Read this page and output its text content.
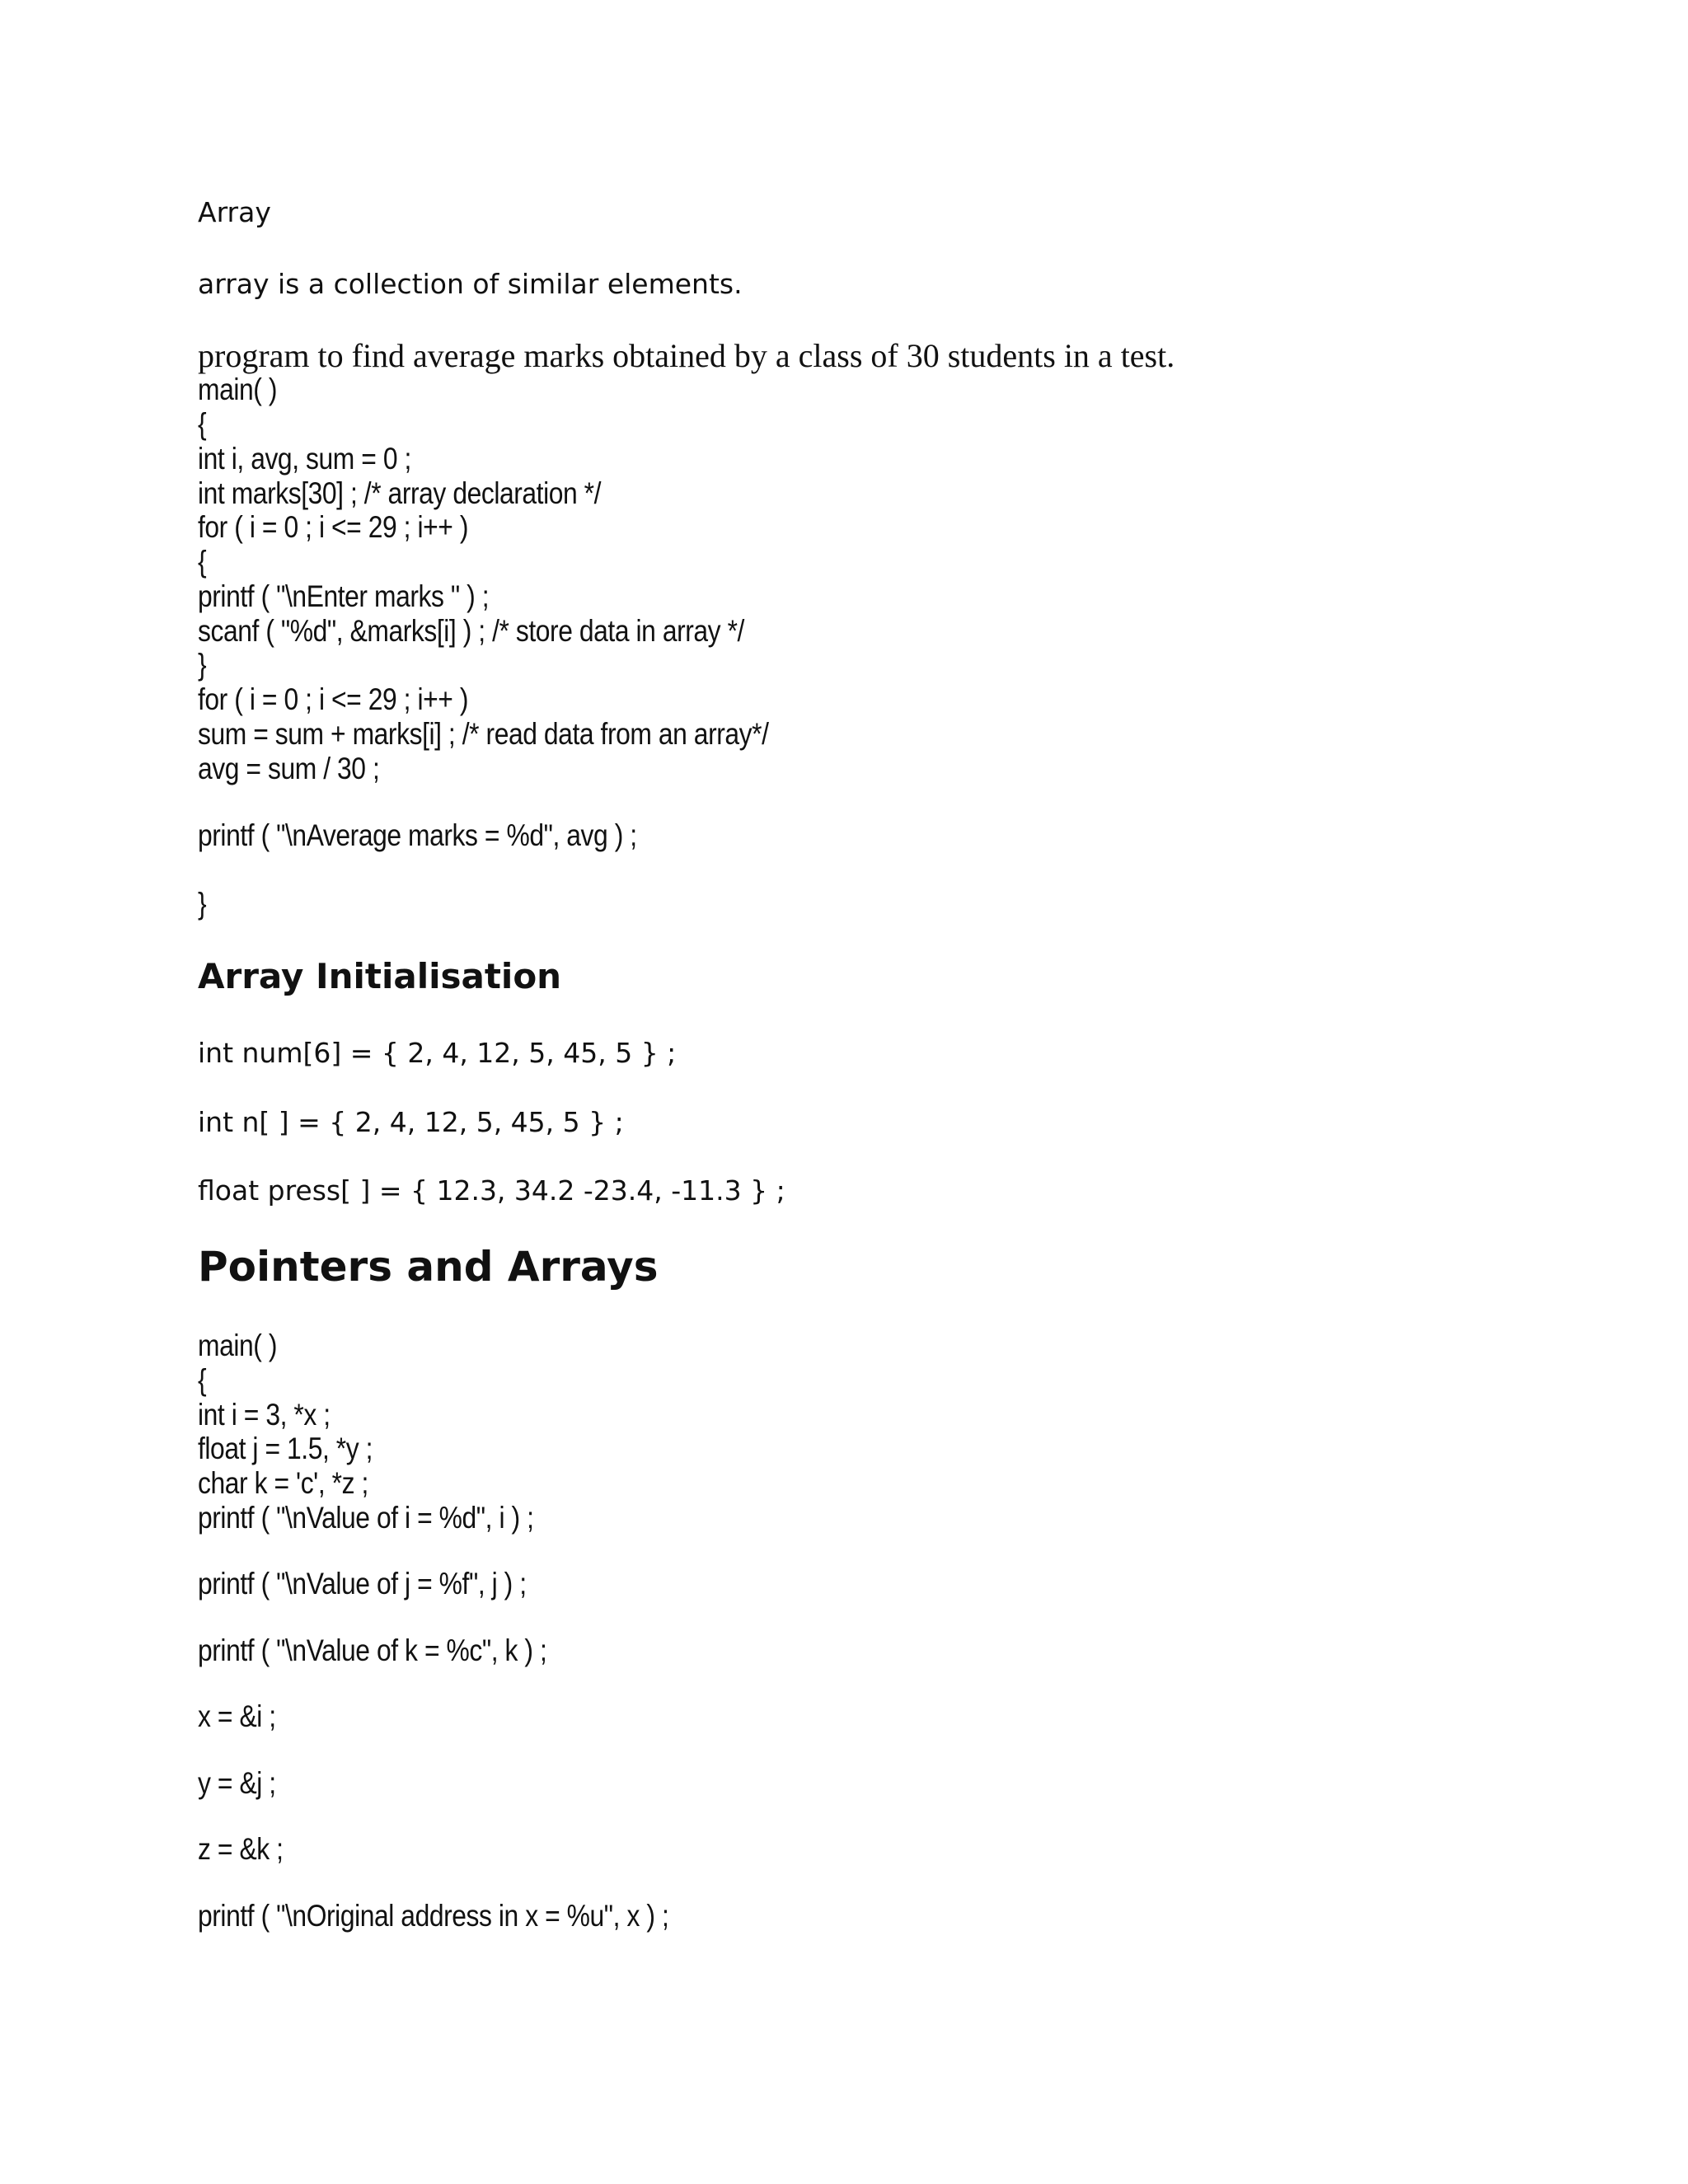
Array
array is a collection of similar elements.
program to find average marks obtained by a class of 30 students in a test.
main( )
{
int i, avg, sum = 0 ;
int marks[30] ; /* array declaration */
for ( i = 0 ; i <= 29 ; i++ )
{
printf ( "\nEnter marks " ) ;
scanf ( "%d", &marks[i] ) ; /* store data in array */
}
for ( i = 0 ; i <= 29 ; i++ )
sum = sum + marks[i] ; /* read data from an array*/
avg = sum / 30 ;
printf ( "\nAverage marks = %d", avg ) ;
}
Array Initialisation
int num[6] = { 2, 4, 12, 5, 45, 5 } ;
int n[ ] = { 2, 4, 12, 5, 45, 5 } ;
float press[ ] = { 12.3, 34.2 -23.4, -11.3 } ;
Pointers and Arrays
main( )
{
int i = 3, *x ;
float j = 1.5, *y ;
char k = 'c', *z ;
printf ( "\nValue of i = %d", i ) ;
printf ( "\nValue of j = %f", j ) ;
printf ( "\nValue of k = %c", k ) ;
x = &i ;
y = &j ;
z = &k ;
printf ( "\nOriginal address in x = %u", x ) ;
